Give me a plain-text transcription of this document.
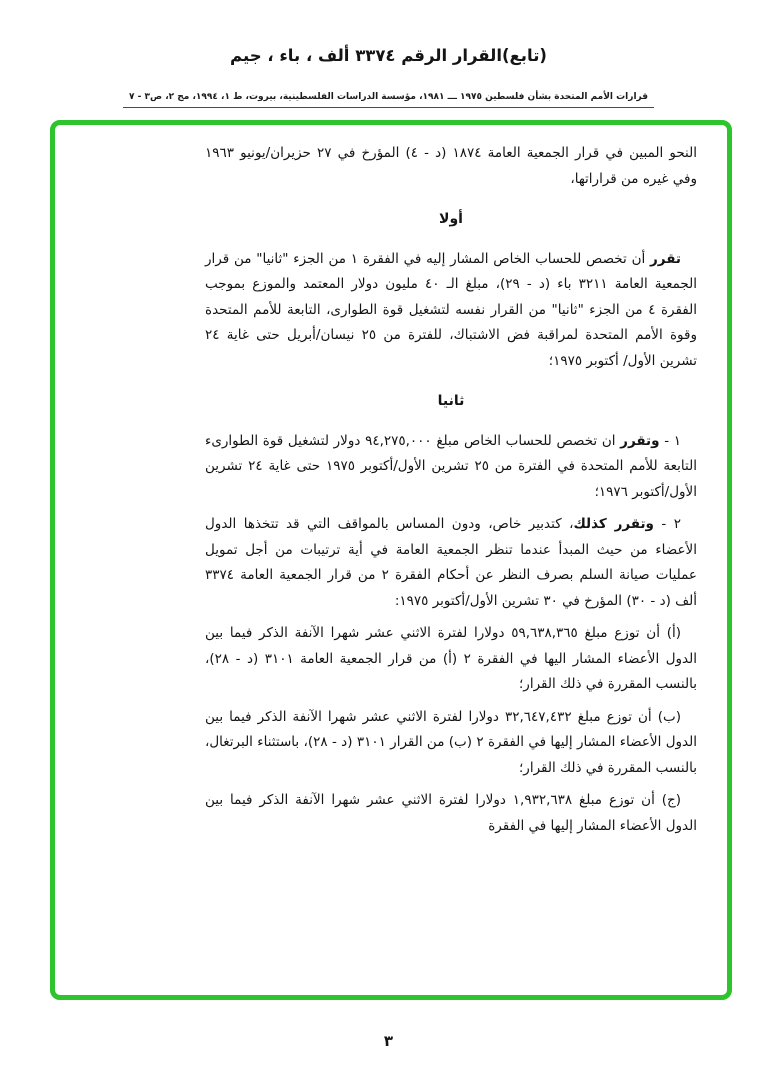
(تابع)القرار الرقم ٣٣٧٤ ألف ، باء ، جيم

قرارات الأمم المتحدة بشأن فلسطين ١٩٧٥ ـــ ١٩٨١، مؤسسة الدراسات الفلسطينية، بيروت، ط ١، ١٩٩٤، مج ٢، ص٣ - ٧

النحو المبين في قرار الجمعية العامة ١٨٧٤ (د - ٤) المؤرخ في ٢٧ حزيران/يونيو ١٩٦٣ وفي غيره من قراراتها،

أولا

تقرر أن تخصص للحساب الخاص المشار إليه في الفقرة ١ من الجزء "ثانيا" من قرار الجمعية العامة ٣٢١١ باء (د - ٢٩)، مبلغ الـ ٤٠ مليون دولار المعتمد والموزع بموجب الفقرة ٤ من الجزء "ثانيا" من القرار نفسه لتشغيل قوة الطوارى، التابعة للأمم المتحدة وقوة الأمم المتحدة لمراقبة فض الاشتباك، للفترة من ٢٥ نيسان/أبريل حتى غاية ٢٤ تشرين الأول/ أكتوبر ١٩٧٥؛

ثانيا

١ - وتقرر ان تخصص للحساب الخاص مبلغ ٩٤,٢٧٥,٠٠٠ دولار لتشغيل قوة الطوارىء التابعة للأمم المتحدة في الفترة من ٢٥ تشرين الأول/أكتوبر ١٩٧٥ حتى غاية ٢٤ تشرين الأول/أكتوبر ١٩٧٦؛

٢ - وتقرر كذلك، كتدبير خاص، ودون المساس بالمواقف التي قد تتخذها الدول الأعضاء من حيث المبدأ عندما تنظر الجمعية العامة في أية ترتيبات من أجل تمويل عمليات صيانة السلم بصرف النظر عن أحكام الفقرة ٢ من قرار الجمعية العامة ٣٣٧٤ ألف (د - ٣٠) المؤرخ في ٣٠ تشرين الأول/أكتوبر ١٩٧٥:

(أ) أن توزع مبلغ ٥٩,٦٣٨,٣٦٥ دولارا لفترة الاثني عشر شهرا الآنفة الذكر فيما بين الدول الأعضاء المشار اليها في الفقرة ٢ (أ) من قرار الجمعية العامة ٣١٠١ (د - ٢٨)، بالنسب المقررة في ذلك القرار؛

(ب) أن توزع مبلغ ٣٢,٦٤٧,٤٣٢ دولارا لفترة الاثني عشر شهرا الآنفة الذكر فيما بين الدول الأعضاء المشار إليها في الفقرة ٢ (ب) من القرار ٣١٠١ (د - ٢٨)، باستثناء البرتغال، بالنسب المقررة في ذلك القرار؛

(ج) أن توزع مبلغ ١,٩٣٢,٦٣٨ دولارا لفترة الاثني عشر شهرا الآنفة الذكر فيما بين الدول الأعضاء المشار إليها في الفقرة

٣
